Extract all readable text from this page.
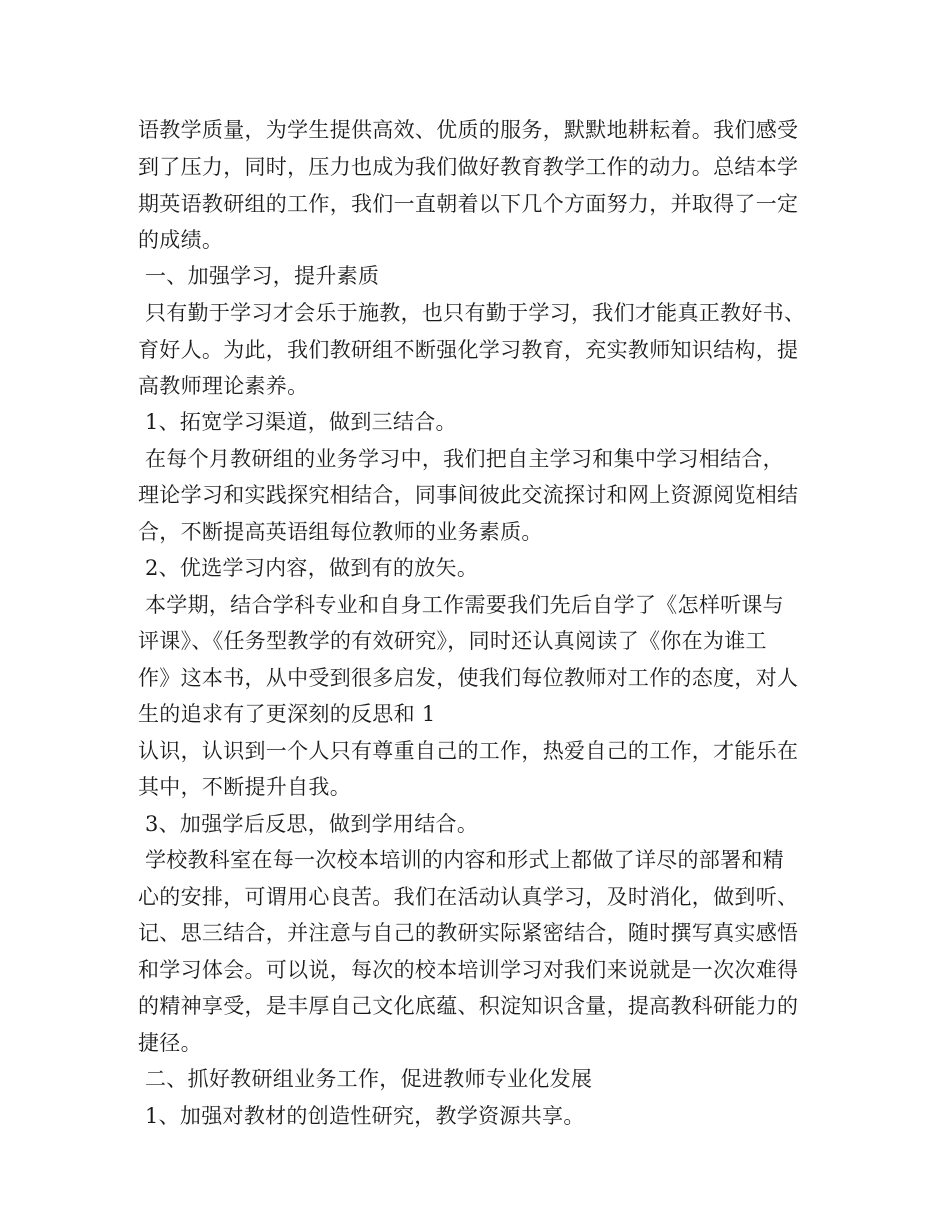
语教学质量，为学生提供高效、优质的服务，默默地耕耘着。我们感受
到了压力，同时，压力也成为我们做好教育教学工作的动力。总结本学
期英语教研组的工作，我们一直朝着以下几个方面努力，并取得了一定
的成绩。
一、加强学习，提升素质
只有勤于学习才会乐于施教，也只有勤于学习，我们才能真正教好书、
育好人。为此，我们教研组不断强化学习教育，充实教师知识结构，提
高教师理论素养。
1、拓宽学习渠道，做到三结合。
在每个月教研组的业务学习中，我们把自主学习和集中学习相结合，
理论学习和实践探究相结合，同事间彼此交流探讨和网上资源阅览相结
合，不断提高英语组每位教师的业务素质。
2、优选学习内容，做到有的放矢。
本学期，结合学科专业和自身工作需要我们先后自学了《怎样听课与
评课》、《任务型教学的有效研究》，同时还认真阅读了《你在为谁工
作》这本书，从中受到很多启发，使我们每位教师对工作的态度，对人
生的追求有了更深刻的反思和 1
认识，认识到一个人只有尊重自己的工作，热爱自己的工作，才能乐在
其中，不断提升自我。
3、加强学后反思，做到学用结合。
学校教科室在每一次校本培训的内容和形式上都做了详尽的部署和精
心的安排，可谓用心良苦。我们在活动认真学习，及时消化，做到听、
记、思三结合，并注意与自己的教研实际紧密结合，随时撰写真实感悟
和学习体会。可以说，每次的校本培训学习对我们来说就是一次次难得
的精神享受，是丰厚自己文化底蕴、积淀知识含量，提高教科研能力的
捷径。
二、抓好教研组业务工作，促进教师专业化发展
1、加强对教材的创造性研究，教学资源共享。
